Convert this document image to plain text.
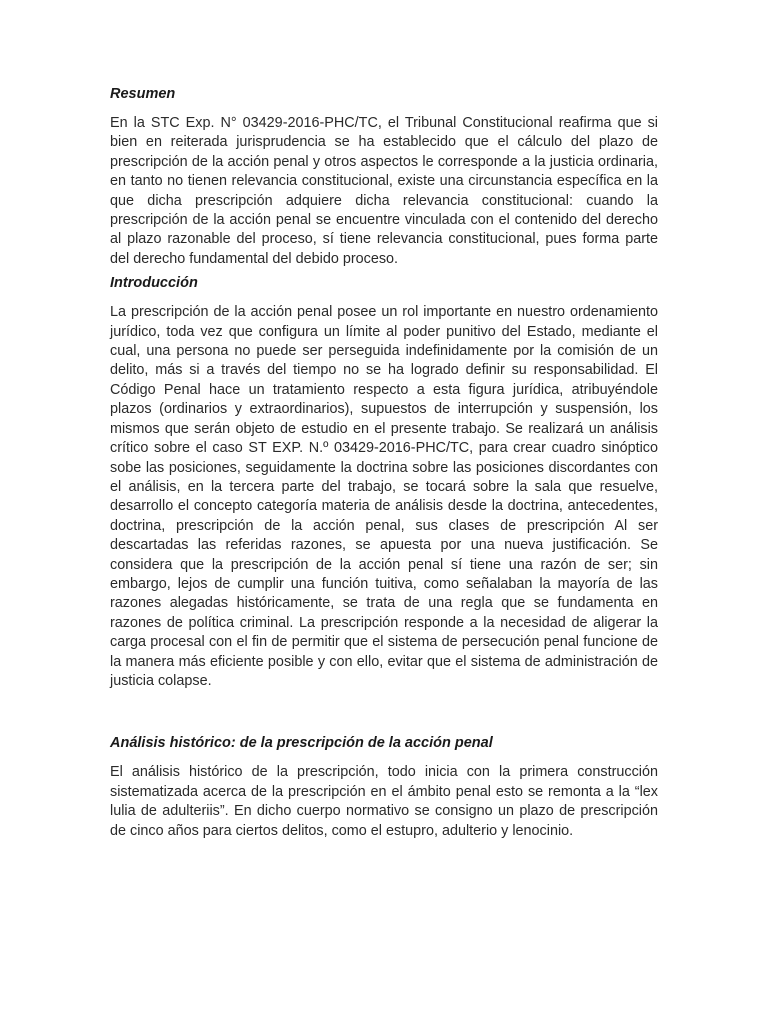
Resumen

En la STC Exp. N° 03429-2016-PHC/TC, el Tribunal Constitucional reafirma que si bien en reiterada jurisprudencia se ha establecido que el cálculo del plazo de prescripción de la acción penal y otros aspectos le corresponde a la justicia ordinaria, en tanto no tienen relevancia constitucional, existe una circunstancia específica en la que dicha prescripción adquiere dicha relevancia constitucional: cuando la prescripción de la acción penal se encuentre vinculada con el contenido del derecho al plazo razonable del proceso, sí tiene relevancia constitucional, pues forma parte del derecho fundamental del debido proceso.

Introducción

La prescripción de la acción penal posee un rol importante en nuestro ordenamiento jurídico, toda vez que configura un límite al poder punitivo del Estado, mediante el cual, una persona no puede ser perseguida indefinidamente por la comisión de un delito, más si a través del tiempo no se ha logrado definir su responsabilidad. El Código Penal hace un tratamiento respecto a esta figura jurídica, atribuyéndole plazos (ordinarios y extraordinarios), supuestos de interrupción y suspensión, los mismos que serán objeto de estudio en el presente trabajo. Se realizará un análisis crítico sobre el caso ST EXP. N.º 03429-2016-PHC/TC, para crear cuadro sinóptico sobe las posiciones, seguidamente la doctrina sobre las posiciones discordantes con el análisis, en la tercera parte del trabajo, se tocará sobre la sala que resuelve, desarrollo el concepto categoría materia de análisis desde la doctrina, antecedentes, doctrina, prescripción de la acción penal, sus clases de prescripción Al ser descartadas las referidas razones, se apuesta por una nueva justificación. Se considera que la prescripción de la acción penal sí tiene una razón de ser; sin embargo, lejos de cumplir una función tuitiva, como señalaban la mayoría de las razones alegadas históricamente, se trata de una regla que se fundamenta en razones de política criminal. La prescripción responde a la necesidad de aligerar la carga procesal con el fin de permitir que el sistema de persecución penal funcione de la manera más eficiente posible y con ello, evitar que el sistema de administración de justicia colapse.

Análisis histórico: de la prescripción de la acción penal

El análisis histórico de la prescripción, todo inicia con la primera construcción sistematizada acerca de la prescripción en el ámbito penal esto se remonta a la “lex lulia de adulteriis”. En dicho cuerpo normativo se consigno un plazo de prescripción de cinco años para ciertos delitos, como el estupro, adulterio y lenocinio.
